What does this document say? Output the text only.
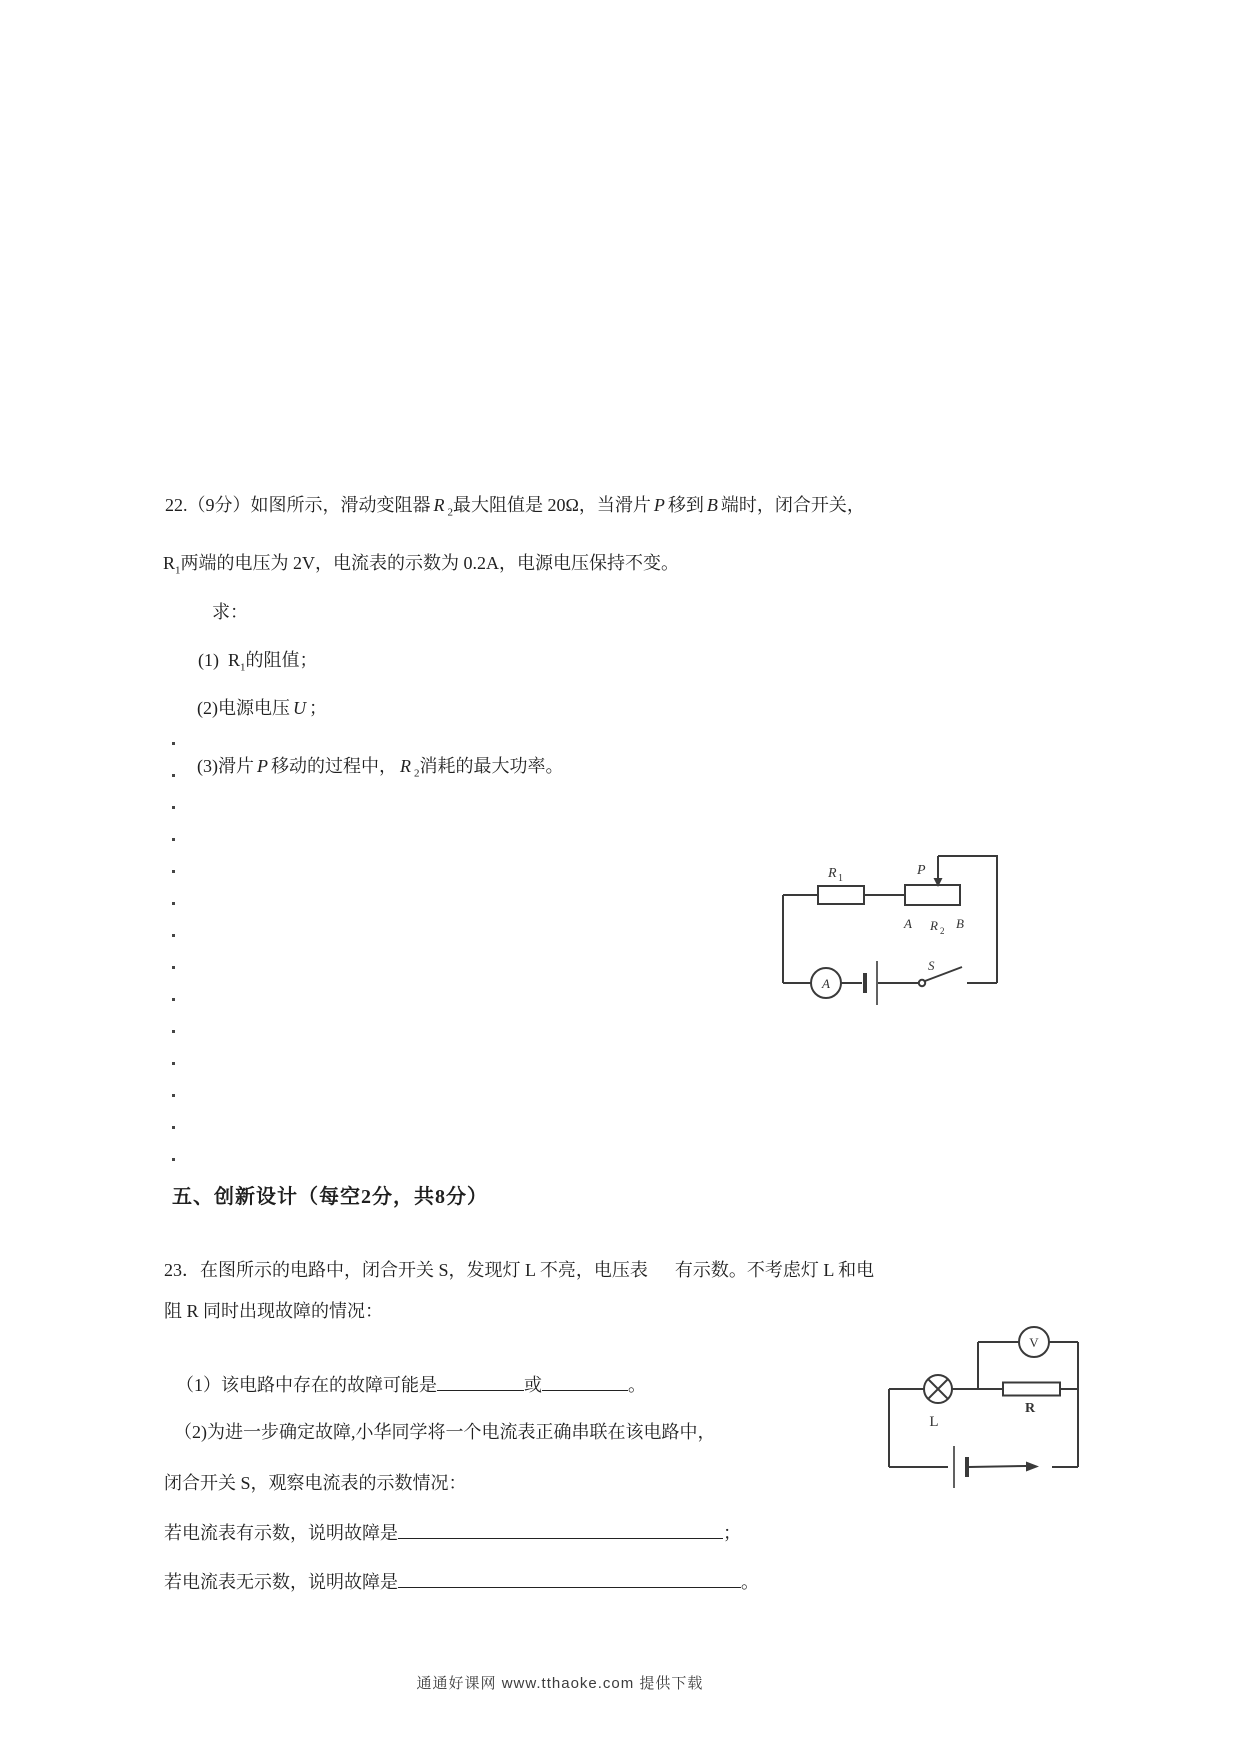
22.（9分）如图所示，滑动变阻器 R $_2$最大阻值是 20Ω，当滑片 P 移到 B 端时，闭合开关，
$R_1$两端的电压为 2V，电流表的示数为 0.2A，电源电压保持不变。
求：
(1)  $R_1$的阻值；
(2)电源电压 U ；
(3)滑片 P 移动的过程中， R $_2$消耗的最大功率。
R 1
P
A R 2 B
S
A
五、创新设计（每空2分，共8分）
23．在图所示的电路中，闭合开关 S，发现灯 L 不亮，电压表　  有示数。不考虑灯 L 和电
阻 R 同时出现故障的情况：
（1）该电路中存在的故障可能是	或	。
（2)为进一步确定故障,小华同学将一个电流表正确串联在该电路中，
闭合开关 S，观察电流表的示数情况：
若电流表有示数，说明故障是	；
若电流表无示数，说明故障是	。
V
L
R
通通好课网 www.tthaoke.com 提供下载
